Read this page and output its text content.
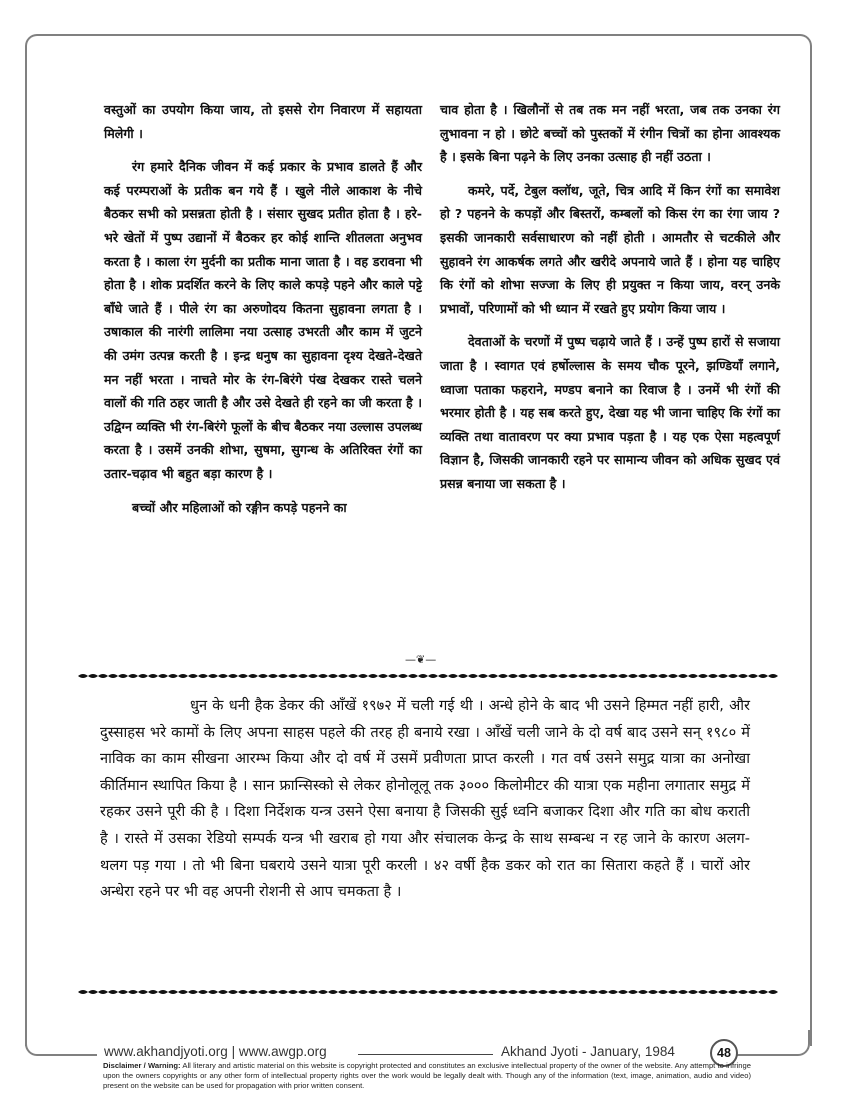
वस्तुओं का उपयोग किया जाय, तो इससे रोग निवारण में सहायता मिलेगी ।

रंग हमारे दैनिक जीवन में कई प्रकार के प्रभाव डालते हैं और कई परम्पराओं के प्रतीक बन गये हैं । खुले नीले आकाश के नीचे बैठकर सभी को प्रसन्नता होती है । संसार सुखद प्रतीत होता है । हरे-भरे खेतों में पुष्प उद्यानों में बैठकर हर कोई शान्ति शीतलता अनुभव करता है । काला रंग मुर्दनी का प्रतीक माना जाता है । वह डरावना भी होता है । शोक प्रदर्शित करने के लिए काले कपड़े पहने और काले पट्टे बाँधे जाते हैं । पीले रंग का अरुणोदय कितना सुहावना लगता है । उषाकाल की नारंगी लालिमा नया उत्साह उभरती और काम में जुटने की उमंग उत्पन्न करती है । इन्द्र धनुष का सुहावना दृश्य देखते-देखते मन नहीं भरता । नाचते मोर के रंग-बिरंगे पंख देखकर रास्ते चलने वालों की गति ठहर जाती है और उसे देखते ही रहने का जी करता है । उद्विग्न व्यक्ति भी रंग-बिरंगे फूलों के बीच बैठकर नया उल्लास उपलब्ध करता है । उसमें उनकी शोभा, सुषमा, सुगन्ध के अतिरिक्त रंगों का उतार-चढ़ाव भी बहुत बड़ा कारण है ।

बच्चों और महिलाओं को रङ्गीन कपड़े पहनने का

चाव होता है । खिलौनों से तब तक मन नहीं भरता, जब तक उनका रंग लुभावना न हो । छोटे बच्चों को पुस्तकों में रंगीन चित्रों का होना आवश्यक है । इसके बिना पढ़ने के लिए उनका उत्साह ही नहीं उठता ।

कमरे, पर्दे, टेबुल क्लॉथ, जूते, चित्र आदि में किन रंगों का समावेश हो ? पहनने के कपड़ों और बिस्तरों, कम्बलों को किस रंग का रंगा जाय ? इसकी जानकारी सर्वसाधारण को नहीं होती । आमतौर से चटकीले और सुहावने रंग आकर्षक लगते और खरीदे अपनाये जाते हैं । होना यह चाहिए कि रंगों को शोभा सज्जा के लिए ही प्रयुक्त न किया जाय, वरन् उनके प्रभावों, परिणामों को भी ध्यान में रखते हुए प्रयोग किया जाय ।

देवताओं के चरणों में पुष्प चढ़ाये जाते हैं । उन्हें पुष्प हारों से सजाया जाता है । स्वागत एवं हर्षोल्लास के समय चौक पूरने, झण्डियाँ लगाने, ध्वाजा पताका फहराने, मण्डप बनाने का रिवाज है । उनमें भी रंगों की भरमार होती है । यह सब करते हुए, देखा यह भी जाना चाहिए कि रंगों का व्यक्ति तथा वातावरण पर क्या प्रभाव पड़ता है । यह एक ऐसा महत्वपूर्ण विज्ञान है, जिसकी जानकारी रहने पर सामान्य जीवन को अधिक सुखद एवं प्रसन्न बनाया जा सकता है ।

—❦—

धुन के धनी हैक डेकर की आँखें १९७२ में चली गई थी । अन्धे होने के बाद भी उसने हिम्मत नहीं हारी, और दुस्साहस भरे कामों के लिए अपना साहस पहले की तरह ही बनाये रखा । आँखें चली जाने के दो वर्ष बाद उसने सन् १९८० में नाविक का काम सीखना आरम्भ किया और दो वर्ष में उसमें प्रवीणता प्राप्त करली । गत वर्ष उसने समुद्र यात्रा का अनोखा कीर्तिमान स्थापित किया है । सान फ्रान्सिस्को से लेकर होनोलूलू तक ३००० किलोमीटर की यात्रा एक महीना लगातार समुद्र में रहकर उसने पूरी की है । दिशा निर्देशक यन्त्र उसने ऐसा बनाया है जिसकी सुई ध्वनि बजाकर दिशा और गति का बोध कराती है । रास्ते में उसका रेडियो सम्पर्क यन्त्र भी खराब हो गया और संचालक केन्द्र के साथ सम्बन्ध न रह जाने के कारण अलग-थलग पड़ गया । तो भी बिना घबराये उसने यात्रा पूरी करली । ४२ वर्षी हैक डकर को रात का सितारा कहते हैं । चारों ओर अन्धेरा रहने पर भी वह अपनी रोशनी से आप चमकता है ।

www.akhandjyoti.org | www.awgp.org	Akhand Jyoti - January, 1984	48
Disclaimer / Warning: All literary and artistic material on this website is copyright protected and constitutes an exclusive intellectual property of the owner of the website. Any attempt to infringe upon the owners copyrights or any other form of intellectual property rights over the work would be legally dealt with. Though any of the information (text, image, animation, audio and video) present on the website can be used for propagation with prior written consent.
